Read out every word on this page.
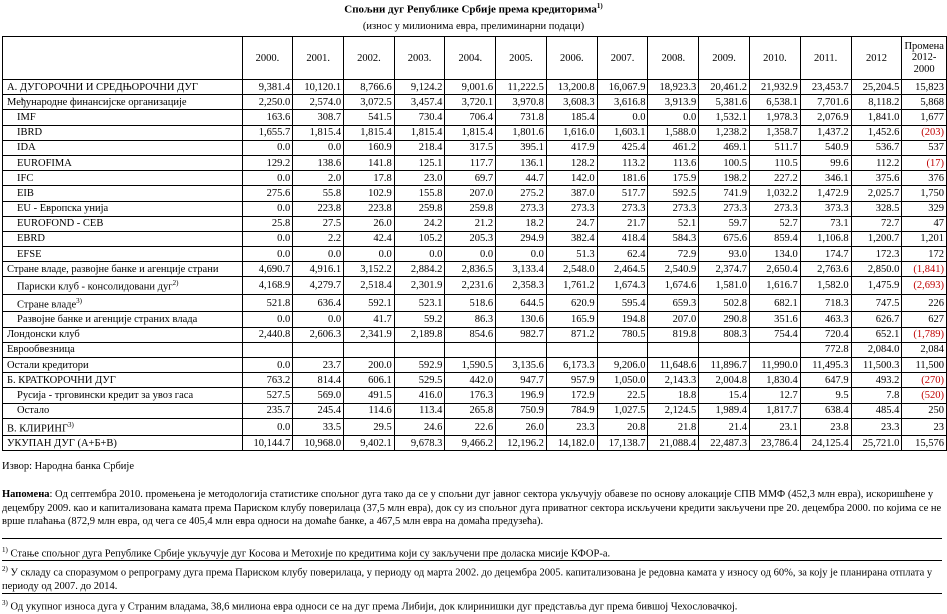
Спољни дуг Републике Србије према кредиторима$^{1)}$
(износ у милионима евра, прелиминарни подаци)
	2000.	2001.	2002.	2003.	2004.	2005.	2006.	2007.	2008.	2009.	2010.	2011.	2012	Промена 2012-2000
А. ДУГОРОЧНИ И СРЕДЊОРОЧНИ ДУГ	9,381.4	10,120.1	8,766.6	9,124.2	9,001.6	11,222.5	13,200.8	16,067.9	18,923.3	20,461.2	21,932.9	23,453.7	25,204.5	15,823
Међународне финансијске организације	2,250.0	2,574.0	3,072.5	3,457.4	3,720.1	3,970.8	3,608.3	3,616.8	3,913.9	5,381.6	6,538.1	7,701.6	8,118.2	5,868
IMF	163.6	308.7	541.5	730.4	706.4	731.8	185.4	0.0	0.0	1,532.1	1,978.3	2,076.9	1,841.0	1,677
IBRD	1,655.7	1,815.4	1,815.4	1,815.4	1,815.4	1,801.6	1,616.0	1,603.1	1,588.0	1,238.2	1,358.7	1,437.2	1,452.6	(203)
IDA	0.0	0.0	160.9	218.4	317.5	395.1	417.9	425.4	461.2	469.1	511.7	540.9	536.7	537
EUROFIMA	129.2	138.6	141.8	125.1	117.7	136.1	128.2	113.2	113.6	100.5	110.5	99.6	112.2	(17)
IFC	0.0	2.0	17.8	23.0	69.7	44.7	142.0	181.6	175.9	198.2	227.2	346.1	375.6	376
EIB	275.6	55.8	102.9	155.8	207.0	275.2	387.0	517.7	592.5	741.9	1,032.2	1,472.9	2,025.7	1,750
EU - Европска унија	0.0	223.8	223.8	259.8	259.8	273.3	273.3	273.3	273.3	273.3	273.3	373.3	328.5	329
EUROFOND - CEB	25.8	27.5	26.0	24.2	21.2	18.2	24.7	21.7	52.1	59.7	52.7	73.1	72.7	47
EBRD	0.0	2.2	42.4	105.2	205.3	294.9	382.4	418.4	584.3	675.6	859.4	1,106.8	1,200.7	1,201
EFSE	0.0	0.0	0.0	0.0	0.0	0.0	51.3	62.4	72.9	93.0	134.0	174.7	172.3	172
Стране владе, развојне банке и агенције страни	4,690.7	4,916.1	3,152.2	2,884.2	2,836.5	3,133.4	2,548.0	2,464.5	2,540.9	2,374.7	2,650.4	2,763.6	2,850.0	(1,841)
Париски клуб - консолидовани дуг$^{2)}$	4,168.9	4,279.7	2,518.4	2,301.9	2,231.6	2,358.3	1,761.2	1,674.3	1,674.6	1,581.0	1,616.7	1,582.0	1,475.9	(2,693)
Стране владе$^{3)}$	521.8	636.4	592.1	523.1	518.6	644.5	620.9	595.4	659.3	502.8	682.1	718.3	747.5	226
Развојне банке и агенције страних влада	0.0	0.0	41.7	59.2	86.3	130.6	165.9	194.8	207.0	290.8	351.6	463.3	626.7	627
Лондонски клуб	2,440.8	2,606.3	2,341.9	2,189.8	854.6	982.7	871.2	780.5	819.8	808.3	754.4	720.4	652.1	(1,789)
Еврообвезница												772.8	2,084.0	2,084
Остали кредитори	0.0	23.7	200.0	592.9	1,590.5	3,135.6	6,173.3	9,206.0	11,648.6	11,896.7	11,990.0	11,495.3	11,500.3	11,500
Б. КРАТКОРОЧНИ ДУГ	763.2	814.4	606.1	529.5	442.0	947.7	957.9	1,050.0	2,143.3	2,004.8	1,830.4	647.9	493.2	(270)
Русија - трговински кредит за увоз гаса	527.5	569.0	491.5	416.0	176.3	196.9	172.9	22.5	18.8	15.4	12.7	9.5	7.8	(520)
Остало	235.7	245.4	114.6	113.4	265.8	750.9	784.9	1,027.5	2,124.5	1,989.4	1,817.7	638.4	485.4	250
В. КЛИРИНГ$^{3)}$	0.0	33.5	29.5	24.6	22.6	26.0	23.3	20.8	21.8	21.4	23.1	23.8	23.3	23
УКУПАН ДУГ (А+Б+В)	10,144.7	10,968.0	9,402.1	9,678.3	9,466.2	12,196.2	14,182.0	17,138.7	21,088.4	22,487.3	23,786.4	24,125.4	25,721.0	15,576
Извор: Народна банка Србије
Напомена: Од септембра 2010. промењена је методологија статистике спољног дуга тако да се у спољни дуг јавног сектора укључују обавезе по основу алокације СПВ ММФ (452,3 млн евра), искоришћене у децембру 2009. као и капитализована камата према Париском клубу поверилаца (37,5 млн евра), док су из спољног дуга приватног сектора искључени кредити закључени пре 20. децембра 2000. по којима се не врше плаћања (872,9 млн евра, од чега се 405,4 млн евра односи на домаће банке, а 467,5 млн евра на домаћа предузећа).
$^{1)}$ Стање спољног дуга Републике Србије укључује дуг Косова и Метохије по кредитима који су закључени пре доласка мисије КФОР-а.
$^{2)}$ У складу са споразумом о репрограму дуга према Париском клубу поверилаца, у периоду од марта 2002. до децембра 2005. капитализована је редовна камата у износу од 60%, за коју је планирана отплата у периоду од 2007. до 2014.
$^{3)}$ Од укупног износа дуга у Страним владама, 38,6 милиона евра односи се на дуг према Либији, док клиринишки дуг представља дуг према бившој Чехословачкој.
